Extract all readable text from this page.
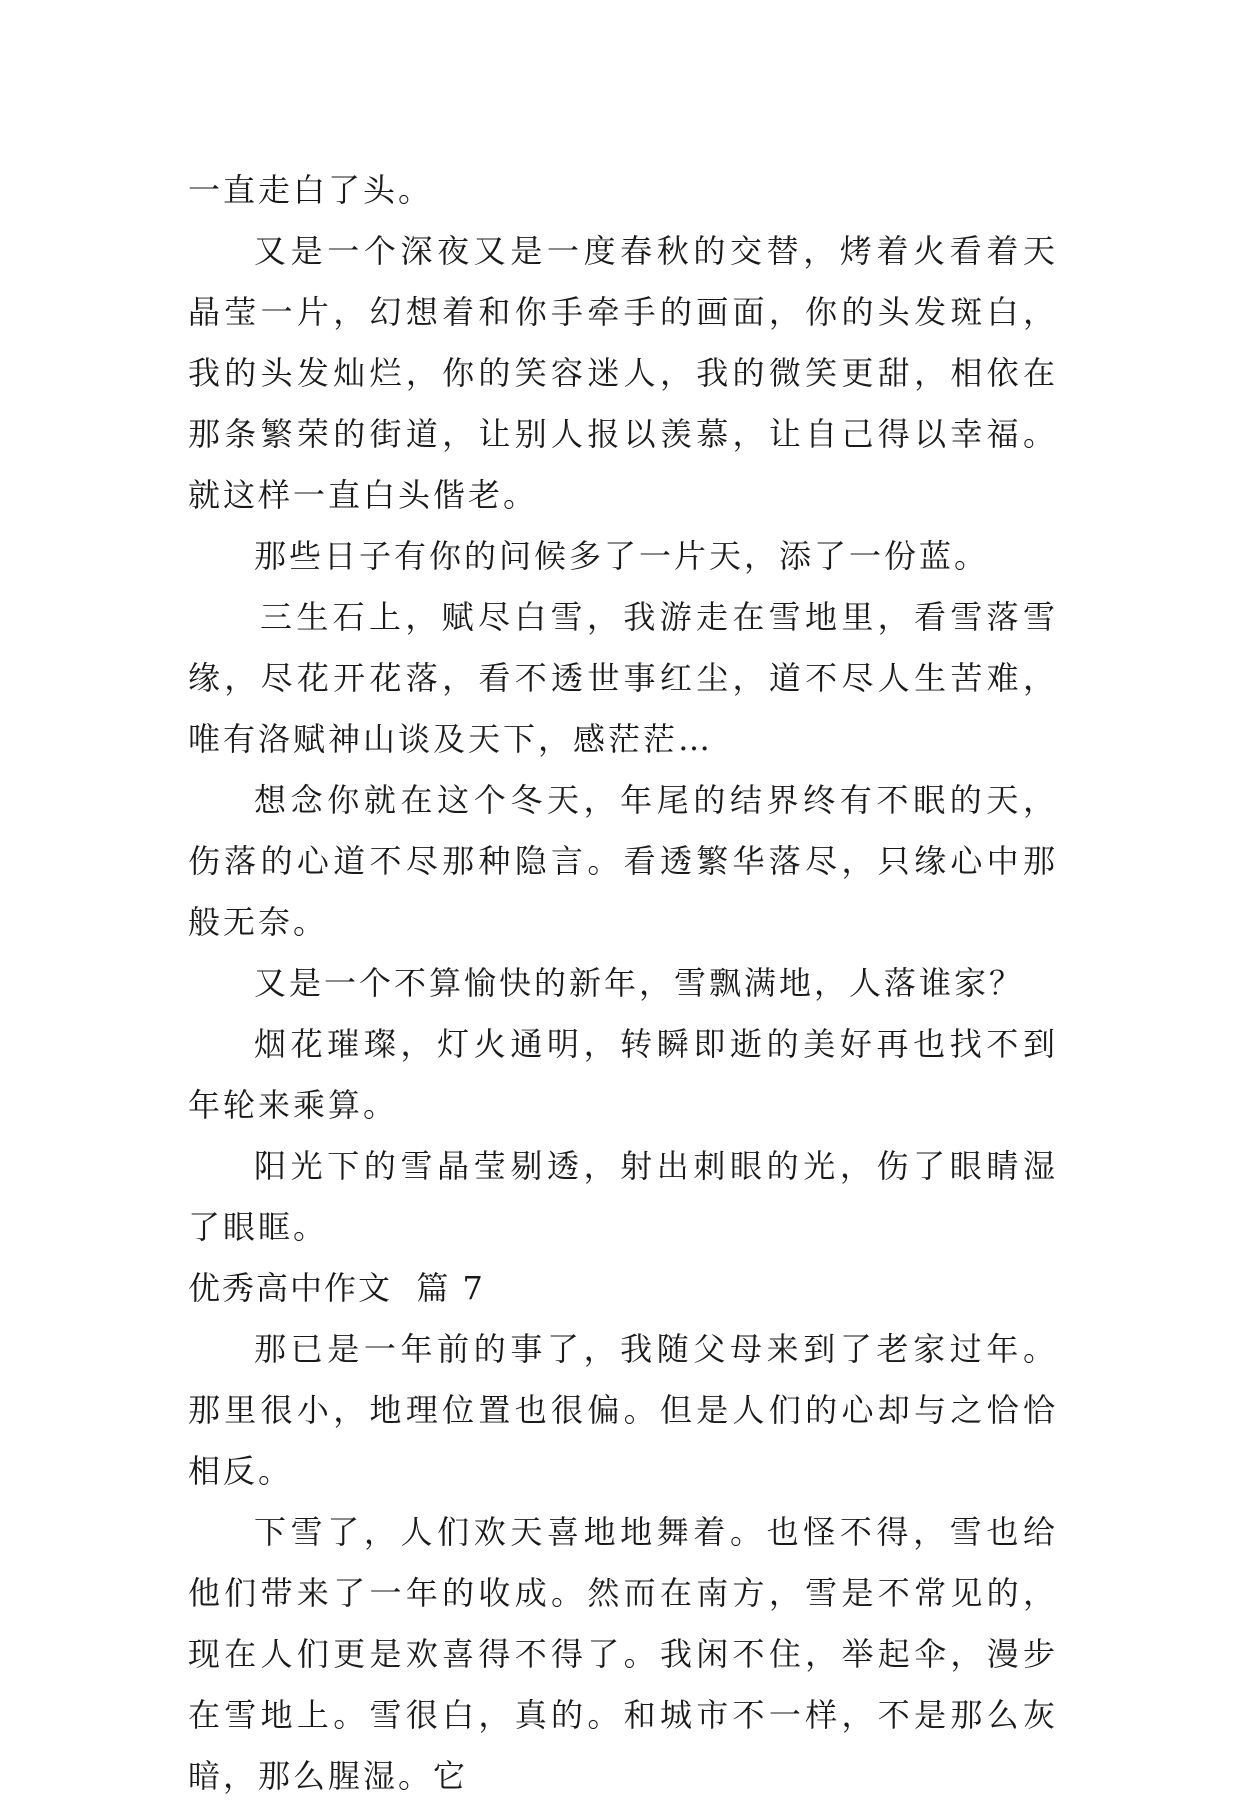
一直走白了头。

又是一个深夜又是一度春秋的交替，烤着火看着天晶莹一片，幻想着和你手牵手的画面，你的头发斑白，我的头发灿烂，你的笑容迷人，我的微笑更甜，相依在那条繁荣的街道，让别人报以羡慕，让自己得以幸福。就这样一直白头偕老。

那些日子有你的问候多了一片天，添了一份蓝。

三生石上，赋尽白雪，我游走在雪地里，看雪落雪缘，尽花开花落，看不透世事红尘，道不尽人生苦难，唯有洛赋神山谈及天下，感茫茫…

想念你就在这个冬天，年尾的结界终有不眠的天，伤落的心道不尽那种隐言。看透繁华落尽，只缘心中那般无奈。

又是一个不算愉快的新年，雪飘满地，人落谁家？

烟花璀璨，灯火通明，转瞬即逝的美好再也找不到年轮来乘算。

阳光下的雪晶莹剔透，射出刺眼的光，伤了眼睛湿了眼眶。

优秀高中作文  篇 7

那已是一年前的事了，我随父母来到了老家过年。那里很小，地理位置也很偏。但是人们的心却与之恰恰相反。

下雪了，人们欢天喜地地舞着。也怪不得，雪也给他们带来了一年的收成。然而在南方，雪是不常见的，现在人们更是欢喜得不得了。我闲不住，举起伞，漫步在雪地上。雪很白，真的。和城市不一样，不是那么灰暗，那么腥湿。它
